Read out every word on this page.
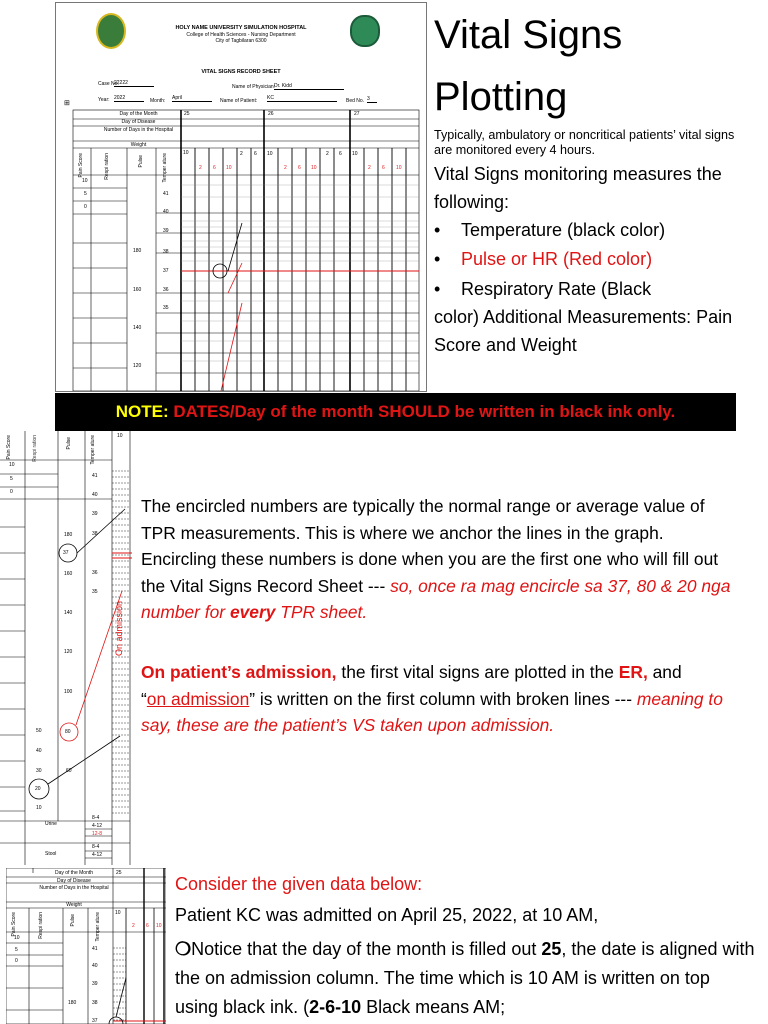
HOLY NAME UNIVERSITY SIMULATION HOSPITAL
College of Health Sciences - Nursing Department
City of Tagbilaran 6300
VITAL SIGNS RECORD SHEET
Case No.
22222
Name of Physician:
Dr. Kidd
⊞	Year: 2022	Month: April	Name of Patient: KC	Bed No. 3
Day of the Month
Day of Disease
Number of Days in the Hospital
Weight
25	26	27
10
2 6 10
2 6 10
2 6 10
2 6 10
2 6 10
Pain Score	Respi ration	Pulse	Temper ature
10
5
0
41
40
39
38
37
36
35
180
160
140
120
Vital Signs
Plotting
Typically, ambulatory or noncritical patients’ vital signs are monitored every 4 hours.
Vital Signs monitoring measures the following:
• Temperature (black color)
• Pulse or HR (Red color)
• Respiratory Rate (Black
color) Additional Measurements: Pain Score and Weight
NOTE: DATES/Day of the month SHOULD be written in black ink only.
Pain Score	Respi ration	Pulse	Temper ature	10
10
5
0
41
40
39
38
37
36
35
180
160
140
120
100
80
60
50
40
30
20
10
On admission
Urine
Stool
8-4
4-12
12-8
8-4
4-12
The encircled numbers are typically the normal range or average value of TPR measurements. This is where we anchor the lines in the graph. Encircling these numbers is done when you are the first one who will fill out the Vital Signs Record Sheet --- so, once ra mag encircle sa 37, 80 & 20 nga number for every TPR sheet.
On patient’s admission, the first vital signs are plotted in the ER, and
“on admission” is written on the first column with broken lines --- meaning to say, these are the patient’s VS taken upon admission.
Day of the Month	25
Day of Disease
Number of Days in the Hospital
Weight
Pain Score	Respi ration	Pulse	Temper ature	10
2 6 10
10
5
0
41
40
39
38
37
180
Consider the given data below:
Patient KC was admitted on April 25, 2022, at 10 AM,
❍Notice that the day of the month is filled out 25, the date is aligned with the on admission column. The time which is 10 AM is written on top using black ink. (2-6-10 Black means AM;
